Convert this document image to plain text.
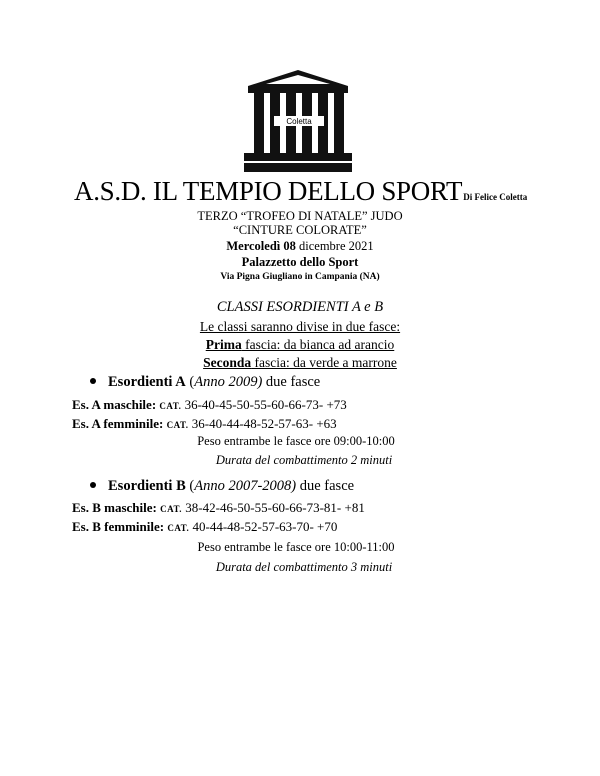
Coletta
A.S.D. IL TEMPIO DELLO SPORTDi Felice Coletta
TERZO “TROFEO DI NATALE” JUDO
“CINTURE COLORATE”
Mercoledì 08 dicembre 2021
Palazzetto dello Sport
Via Pigna Giugliano in Campania (NA)
CLASSI ESORDIENTI A e B
Le classi saranno divise in due fasce:
Prima fascia: da bianca ad arancio
Seconda fascia: da verde a marrone
Esordienti A (Anno 2009) due fasce
Es. A maschile: CAT. 36-40-45-50-55-60-66-73- +73
Es. A femminile: CAT. 36-40-44-48-52-57-63- +63
Peso entrambe le fasce ore 09:00-10:00
Durata del combattimento 2 minuti
Esordienti B (Anno 2007-2008) due fasce
Es. B maschile: CAT. 38-42-46-50-55-60-66-73-81- +81
Es. B femminile: CAT. 40-44-48-52-57-63-70- +70
Peso entrambe le fasce ore 10:00-11:00
Durata del combattimento 3 minuti
